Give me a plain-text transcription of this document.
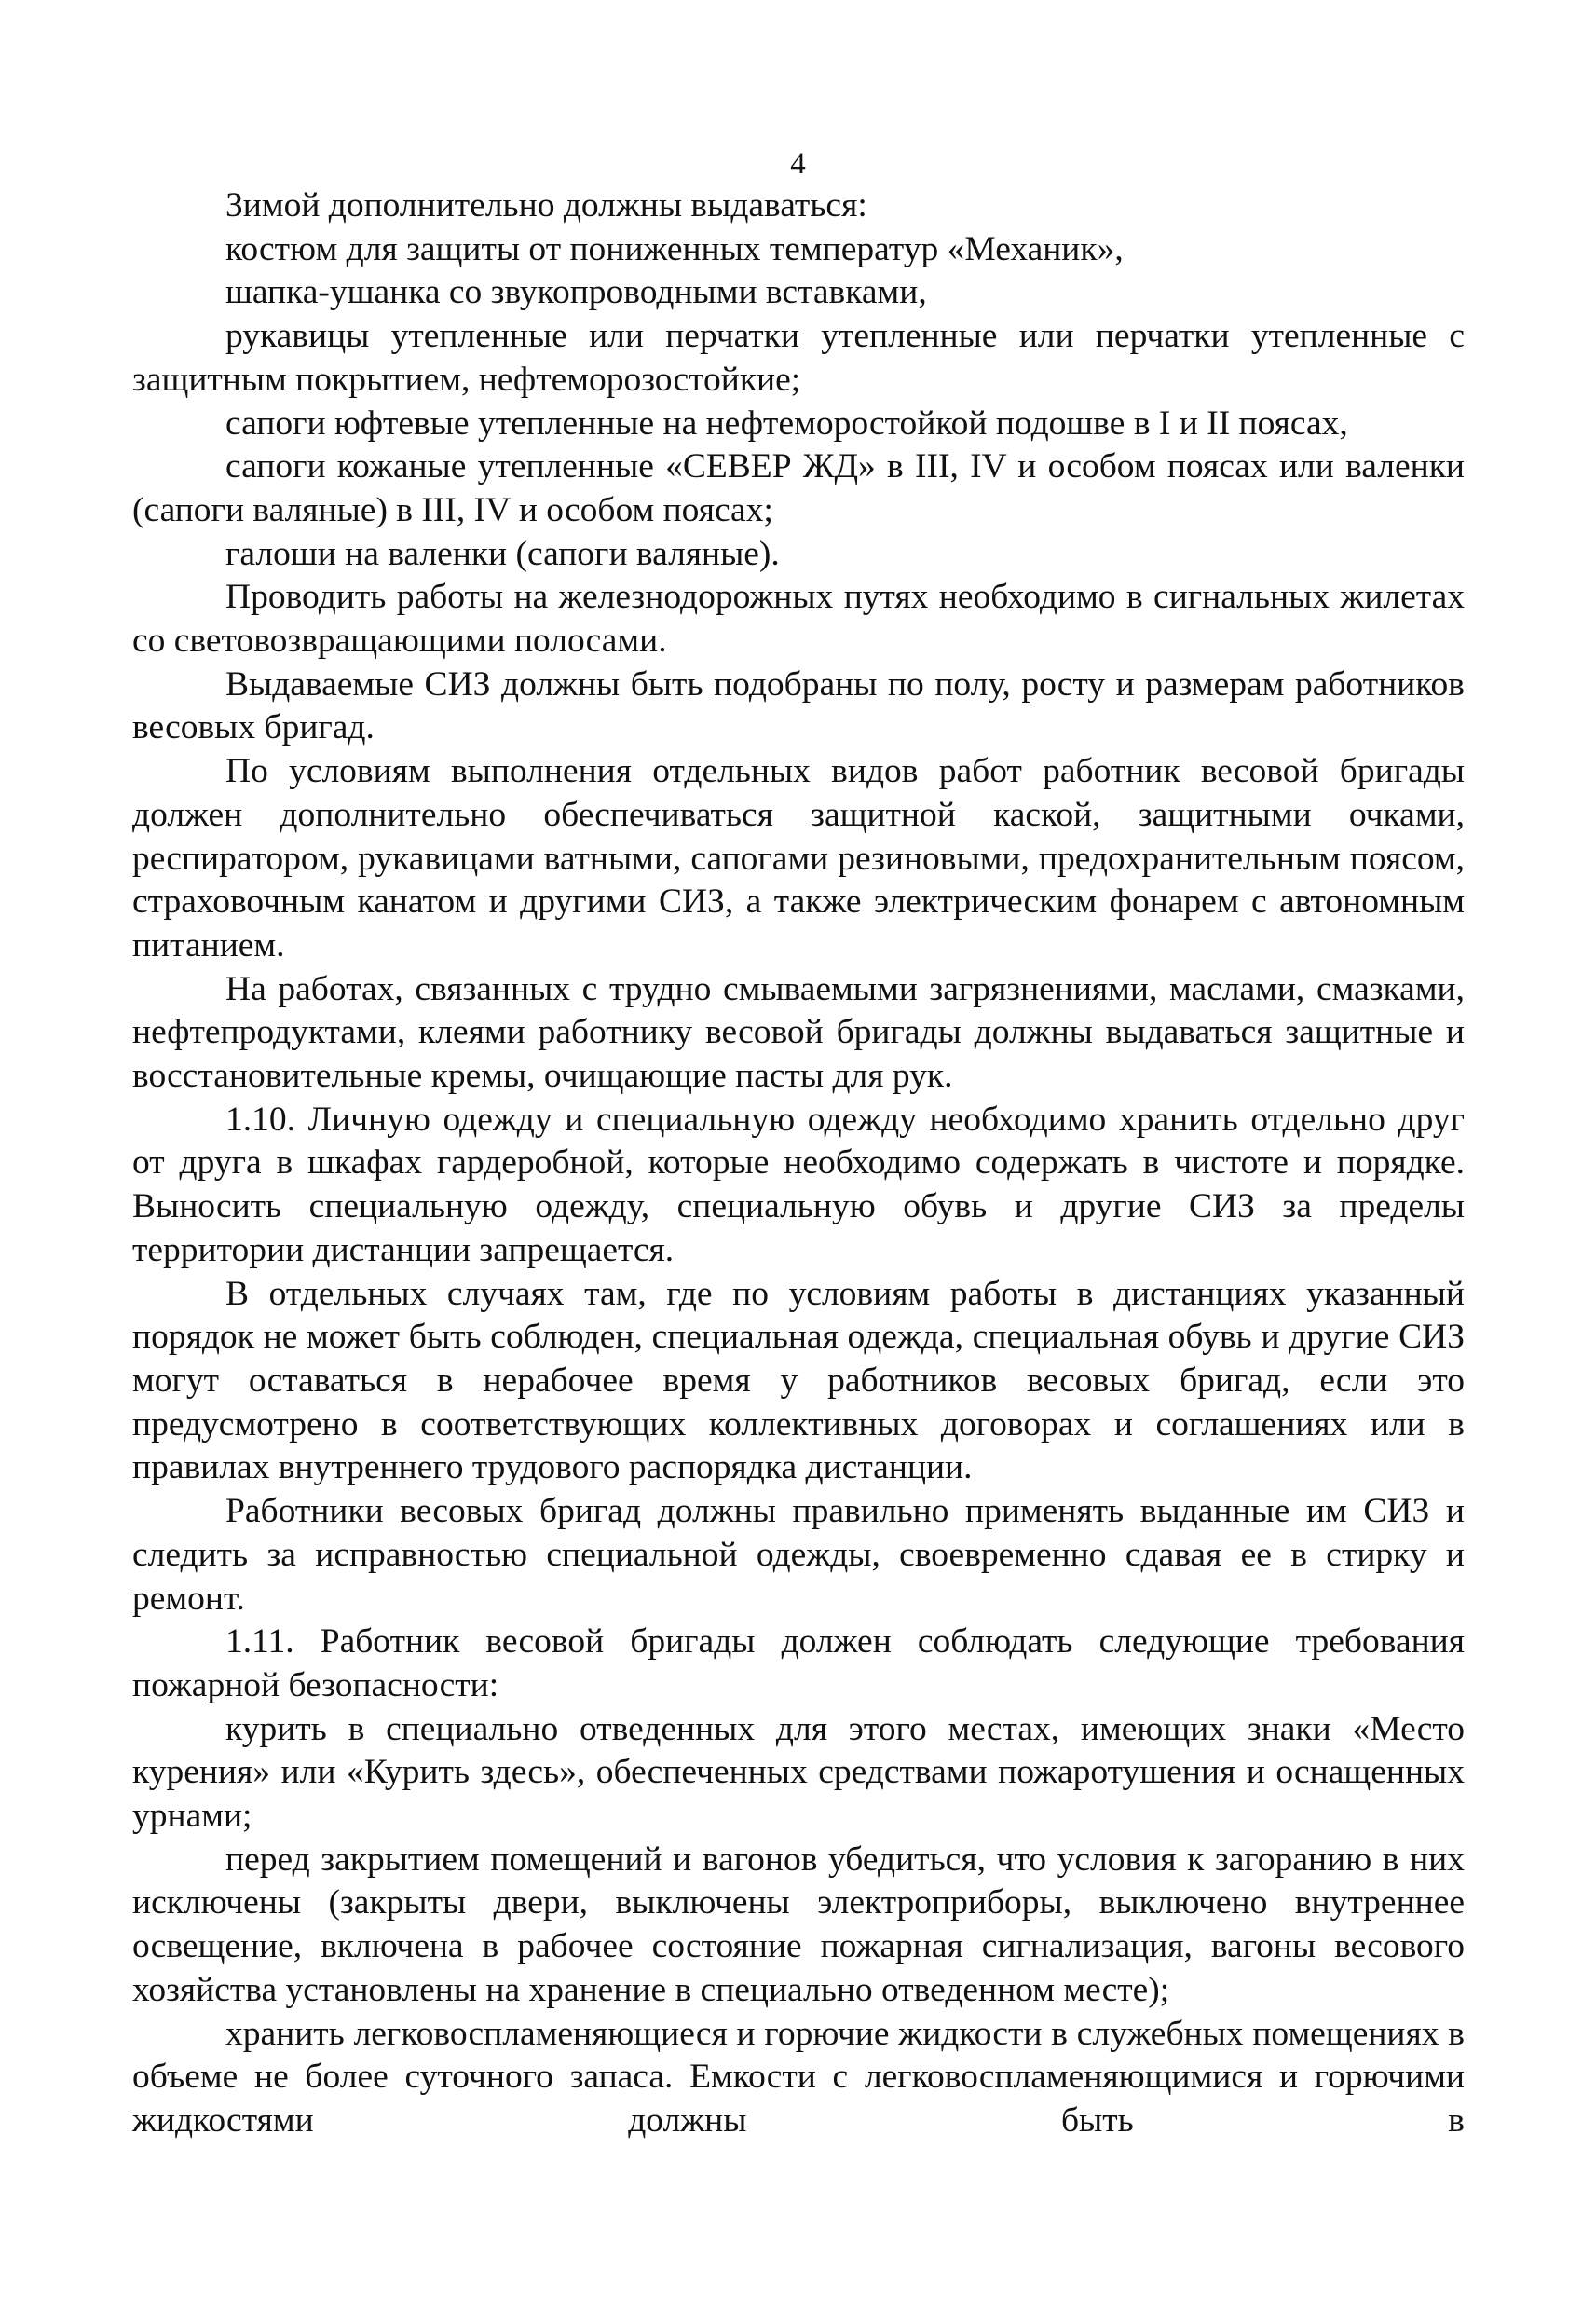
4

Зимой дополнительно должны выдаваться:

костюм для защиты от пониженных температур «Механик»,

шапка-ушанка со звукопроводными вставками,

рукавицы утепленные или перчатки утепленные или перчатки утепленные с защитным покрытием, нефтеморозостойкие;

сапоги юфтевые утепленные на нефтеморостойкой подошве в I и II поясах,

сапоги кожаные утепленные «СЕВЕР ЖД» в III, IV и особом поясах или валенки (сапоги валяные) в III, IV и особом поясах;

галоши на валенки (сапоги валяные).

Проводить работы на железнодорожных путях необходимо в сигнальных жилетах со световозвращающими полосами.

Выдаваемые СИЗ должны быть подобраны по полу, росту и размерам работников весовых бригад.

По условиям выполнения отдельных видов работ работник весовой бригады должен дополнительно обеспечиваться защитной каской, защитными очками, респиратором, рукавицами ватными, сапогами резиновыми, предохранительным поясом, страховочным канатом и другими СИЗ, а также электрическим фонарем с автономным питанием.

На работах, связанных с трудно смываемыми загрязнениями, маслами, смазками, нефтепродуктами, клеями работнику весовой бригады должны выдаваться защитные и восстановительные кремы, очищающие пасты для рук.

1.10. Личную одежду и специальную одежду необходимо хранить отдельно друг от друга в шкафах гардеробной, которые необходимо содержать в чистоте и порядке. Выносить специальную одежду, специальную обувь и другие СИЗ за пределы территории дистанции запрещается.

В отдельных случаях там, где по условиям работы в дистанциях указанный порядок не может быть соблюден, специальная одежда, специальная обувь и другие СИЗ могут оставаться в нерабочее время у работников весовых бригад, если это предусмотрено в соответствующих коллективных договорах и соглашениях или в правилах внутреннего трудового распорядка дистанции.

Работники весовых бригад должны правильно применять выданные им СИЗ и следить за исправностью специальной одежды, своевременно сдавая ее в стирку и ремонт.

1.11. Работник весовой бригады должен соблюдать следующие требования пожарной безопасности:

курить в специально отведенных для этого местах, имеющих знаки «Место курения» или «Курить здесь», обеспеченных средствами пожаротушения и оснащенных урнами;

перед закрытием помещений и вагонов убедиться, что условия к загоранию в них исключены (закрыты двери, выключены электроприборы, выключено внутреннее освещение, включена в рабочее состояние пожарная сигнализация, вагоны весового хозяйства установлены на хранение в специально отведенном месте);

хранить легковоспламеняющиеся и горючие жидкости в служебных помещениях в объеме не более суточного запаса. Емкости с легковоспламеняющимися и горючими жидкостями должны быть в
